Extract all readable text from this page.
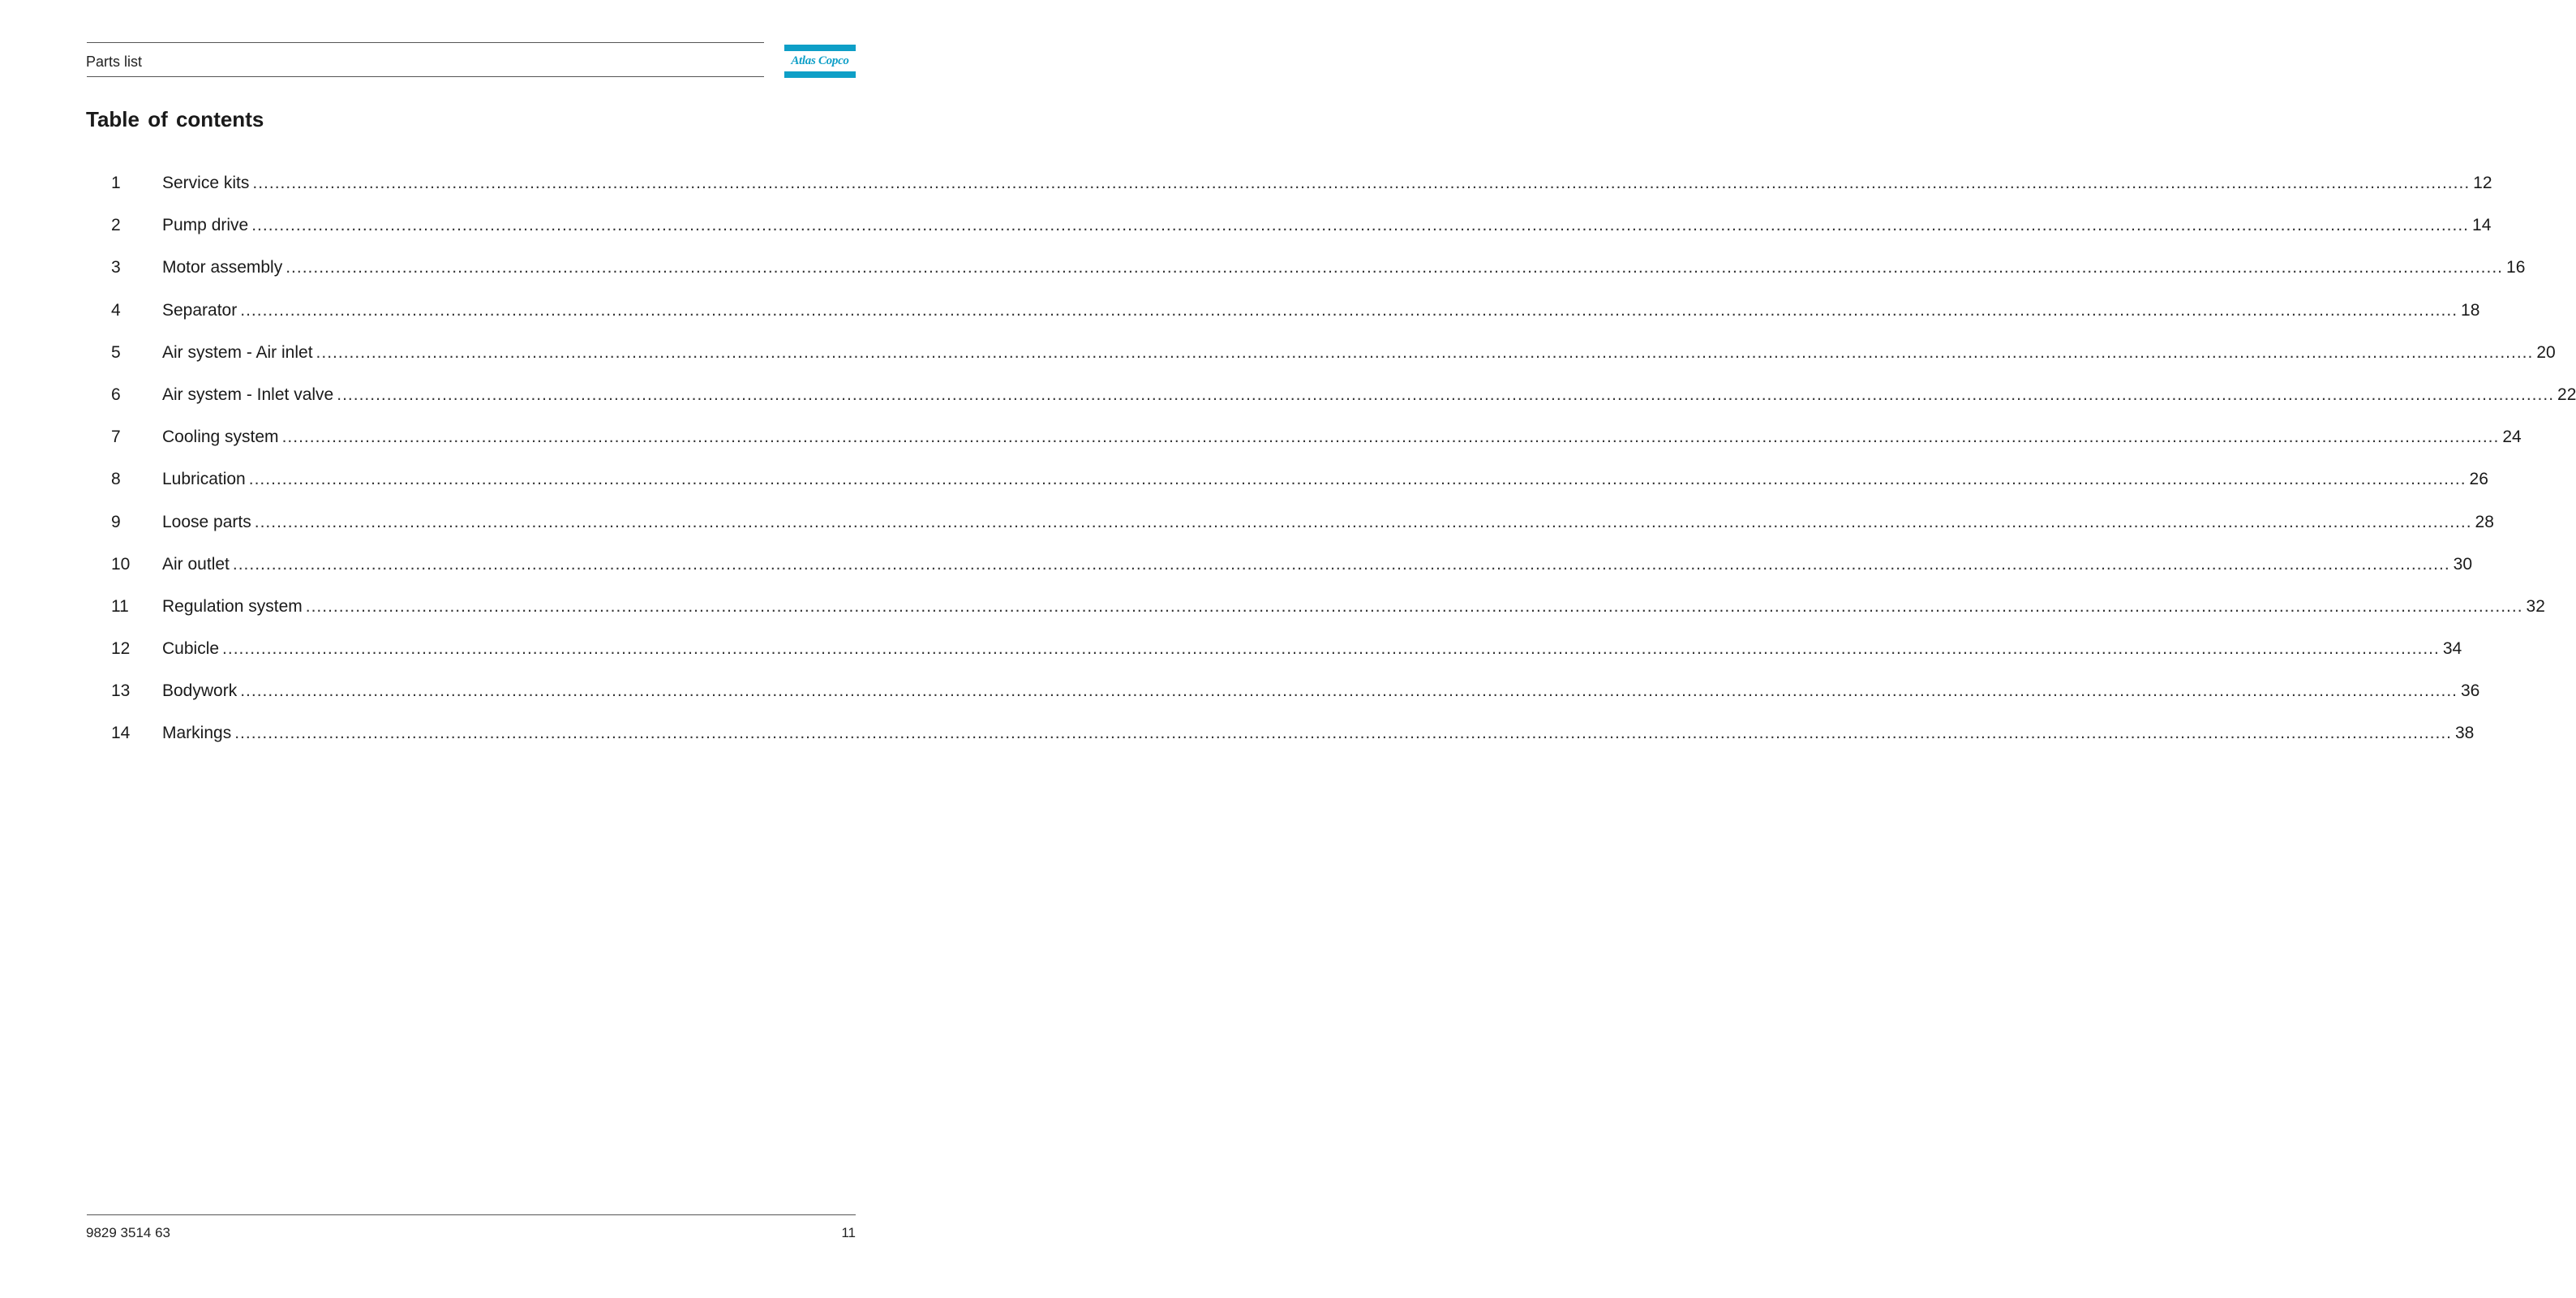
Parts list	Atlas Copco
Table of contents
1 Service kits ................................................................................................................................................................................................................................................................................................................................................................................................................ 12
2 Pump drive ................................................................................................................................................................................................................................................................................................................................................................................................................ 14
3 Motor assembly ................................................................................................................................................................................................................................................................................................................................................................................................................ 16
4 Separator ................................................................................................................................................................................................................................................................................................................................................................................................................ 18
5 Air system - Air inlet ................................................................................................................................................................................................................................................................................................................................................................................................................ 20
6 Air system - Inlet valve ................................................................................................................................................................................................................................................................................................................................................................................................................ 22
7 Cooling system ................................................................................................................................................................................................................................................................................................................................................................................................................ 24
8 Lubrication ................................................................................................................................................................................................................................................................................................................................................................................................................ 26
9 Loose parts ................................................................................................................................................................................................................................................................................................................................................................................................................ 28
10 Air outlet ................................................................................................................................................................................................................................................................................................................................................................................................................ 30
11 Regulation system ................................................................................................................................................................................................................................................................................................................................................................................................................ 32
12 Cubicle ................................................................................................................................................................................................................................................................................................................................................................................................................ 34
13 Bodywork ................................................................................................................................................................................................................................................................................................................................................................................................................ 36
14 Markings ................................................................................................................................................................................................................................................................................................................................................................................................................ 38
9829 3514 63	11
